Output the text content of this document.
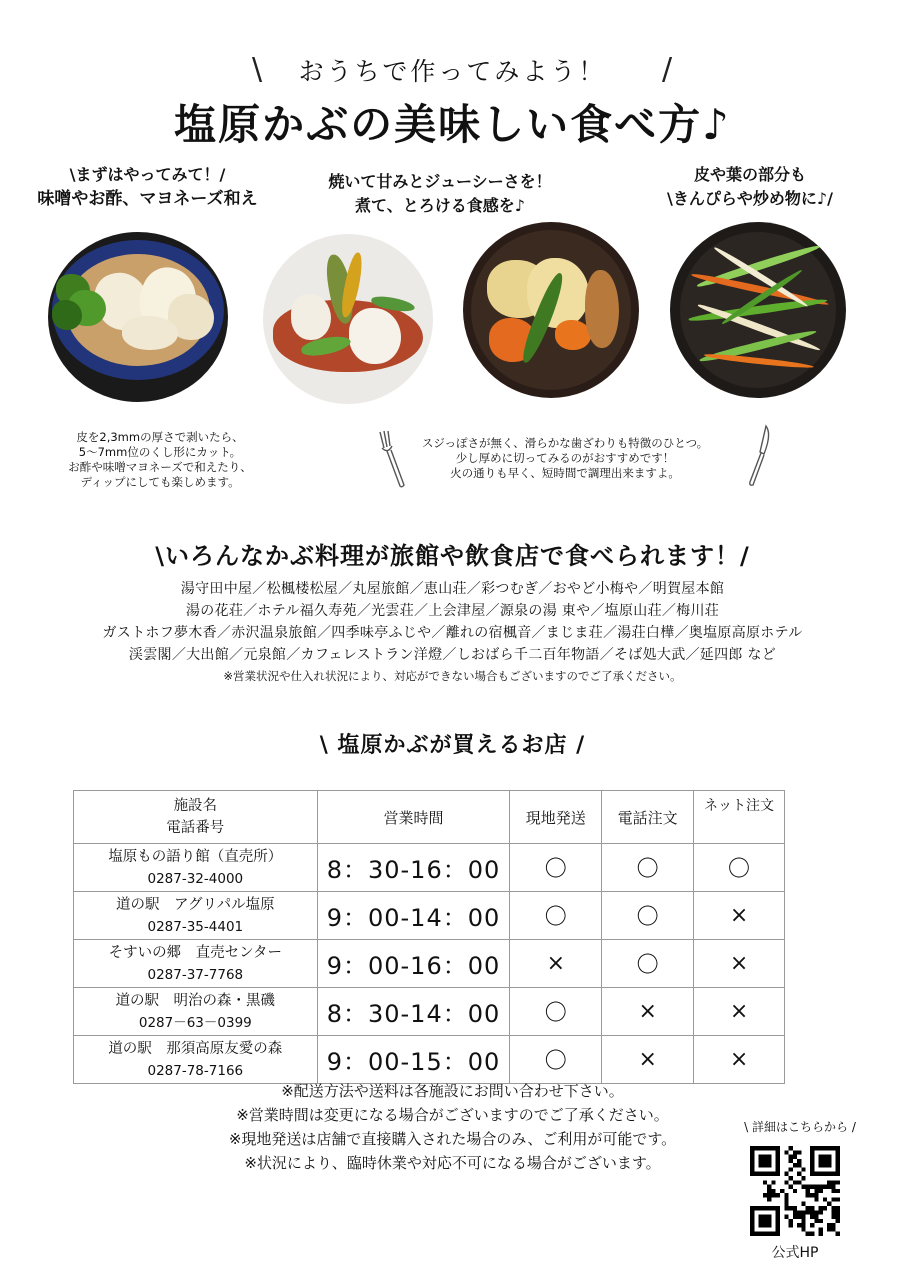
\	おうちで作ってみよう！	/
塩原かぶの美味しい食べ方♪
\まずはやってみて！/
味噌やお酢、マヨネーズ和え
焼いて甘みとジューシーさを！
煮て、とろける食感を♪
皮や葉の部分も
\きんぴらや炒め物に♪/
皮を2,3mmの厚さで剥いたら、
5〜7mm位のくし形にカット。
お酢や味噌マヨネーズで和えたり、
ディップにしても楽しめます。
スジっぽさが無く、滑らかな歯ざわりも特徴のひとつ。
少し厚めに切ってみるのがおすすめです！
火の通りも早く、短時間で調理出来ますよ。
\いろんなかぶ料理が旅館や飲食店で食べられます！/
湯守田中屋／松楓楼松屋／丸屋旅館／恵山荘／彩つむぎ／おやど小梅や／明賀屋本館
湯の花荘／ホテル福久寿苑／光雲荘／上会津屋／源泉の湯 東や／塩原山荘／梅川荘
ガストホフ夢木香／赤沢温泉旅館／四季味亭ふじや／離れの宿楓音／まじま荘／湯荘白樺／奥塩原高原ホテル
渓雲閣／大出館／元泉館／カフェレストラン洋燈／しおばら千二百年物語／そば処大武／延四郎 など
※営業状況や仕入れ状況により、対応ができない場合もございますのでご了承ください。
\ 塩原かぶが買えるお店 /
施設名
電話番号	営業時間	現地発送	電話注文	ネット注文

塩原もの語り館（直売所）
0287-32-4000	8：30-16：00	〇	〇	〇

道の駅　アグリパル塩原
0287-35-4401	9：00-14：00	〇	〇	×

そすいの郷　直売センター
0287-37-7768	9：00-16：00	×	〇	×

道の駅　明治の森・黒磯
0287－63－0399	8：30-14：00	〇	×	×

道の駅　那須高原友愛の森
0287-78-7166	9：00-15：00	〇	×	×
※配送方法や送料は各施設にお問い合わせ下さい。
※営業時間は変更になる場合がございますのでご了承ください。
※現地発送は店舗で直接購入された場合のみ、ご利用が可能です。
※状況により、臨時休業や対応不可になる場合がございます。
\ 詳細はこちらから /
公式HP
